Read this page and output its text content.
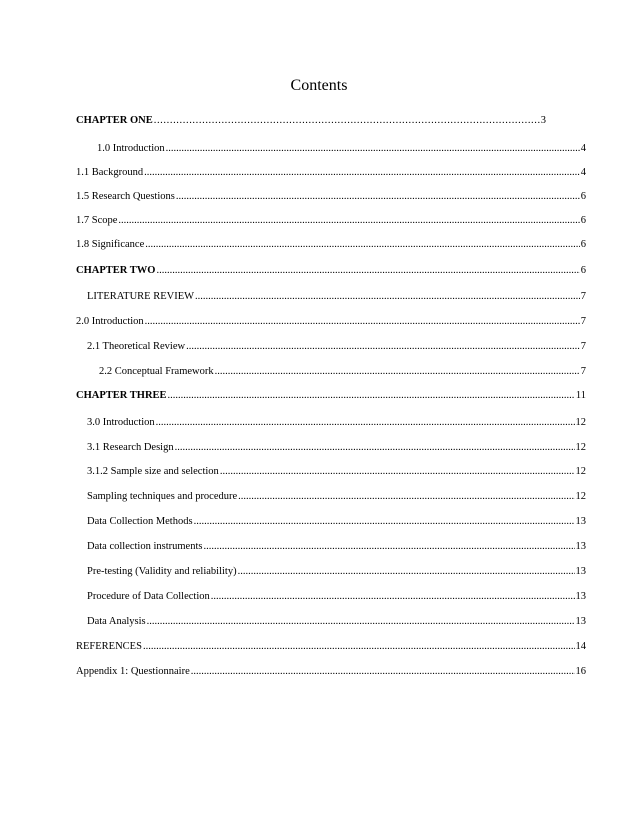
Contents
CHAPTER ONE .....	3
1.0 Introduction .....	4
1.1 Background .....	4
1.5 Research Questions .....	6
1.7 Scope .....	6
1.8 Significance .....	6
CHAPTER TWO .....	6
LITERATURE REVIEW .....	7
2.0 Introduction .....	7
2.1 Theoretical Review .....	7
2.2 Conceptual Framework .....	7
CHAPTER THREE .....	11
3.0 Introduction .....	12
3.1 Research Design .....	12
3.1.2 Sample size and selection .....	12
Sampling techniques and procedure .....	12
Data Collection Methods .....	13
Data collection instruments .....	13
Pre-testing (Validity and reliability) .....	13
Procedure of Data Collection .....	13
Data Analysis .....	13
REFERENCES .....	14
Appendix 1: Questionnaire .....	16
